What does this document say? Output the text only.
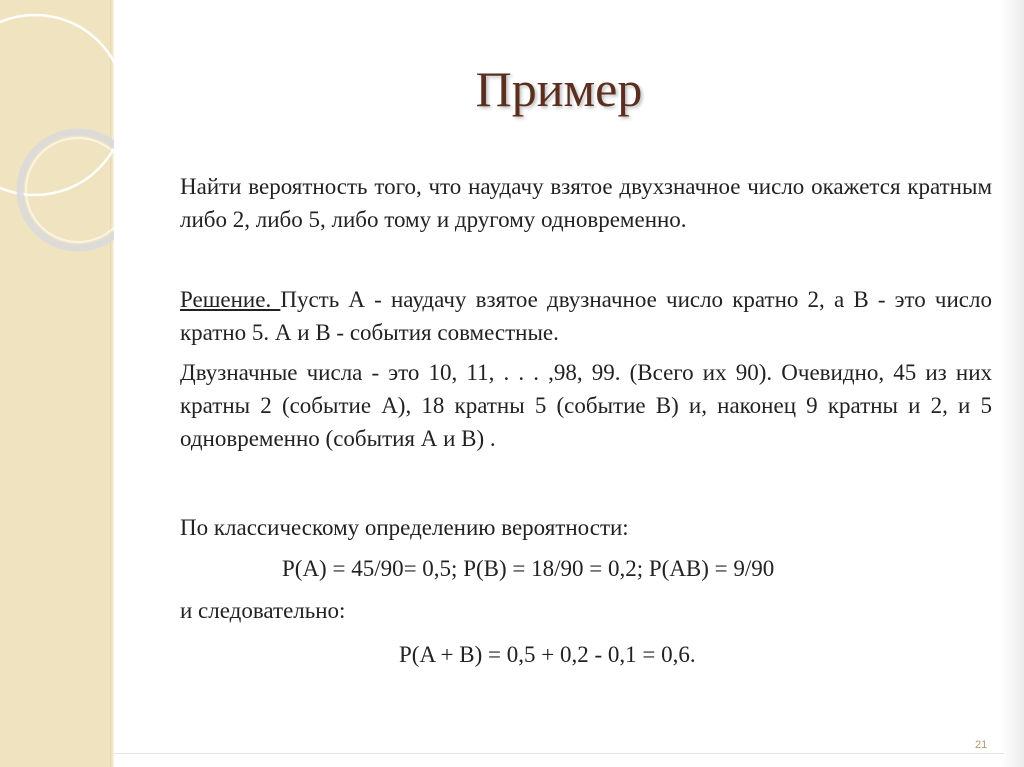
Пример

Найти вероятность того, что наудачу взятое двухзначное число окажется кратным либо 2, либо 5, либо тому и другому одновременно.

Решение. Пусть А - наудачу взятое двузначное число кратно 2, а В - это число кратно 5. А и В - события совместные.

Двузначные числа - это 10, 11, . . . ,98, 99. (Всего их 90). Очевидно, 45 из них кратны 2 (событие А), 18 кратны 5 (событие В) и, наконец 9 кратны и 2, и 5 одновременно (события А и В) .

По классическому определению вероятности:

P(A) = 45/90= 0,5; P(B) = 18/90 = 0,2; P(AB) = 9/90

и следовательно:

P(A + B) = 0,5 + 0,2 - 0,1 = 0,6.

21
